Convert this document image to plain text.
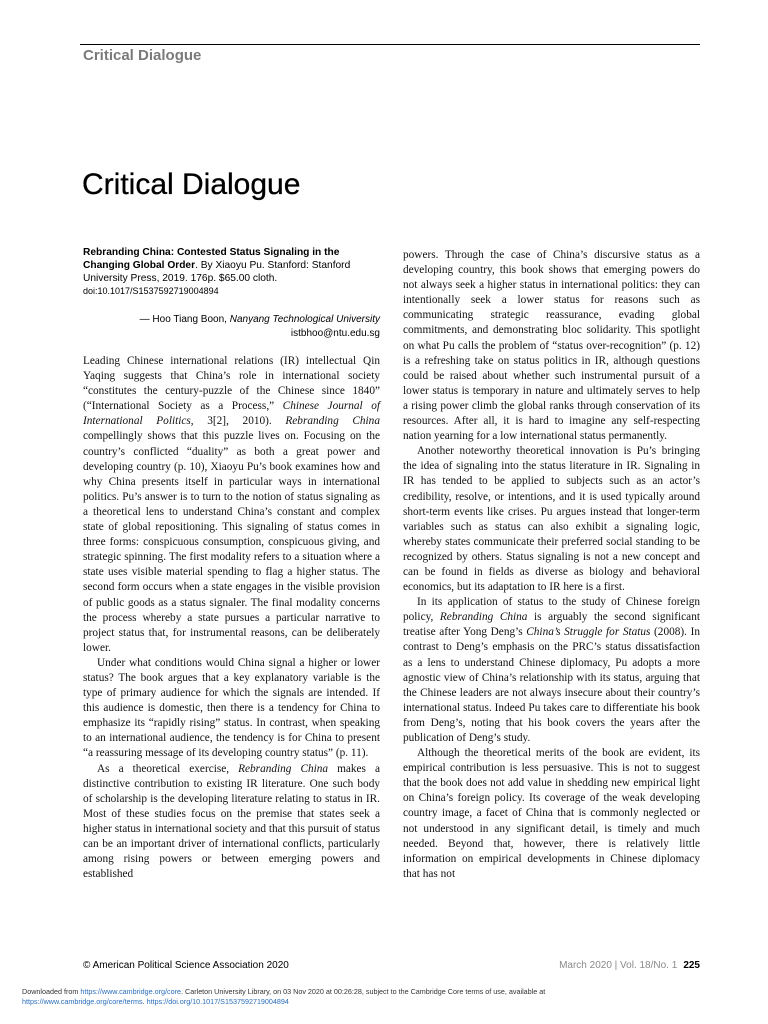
Critical Dialogue
Critical Dialogue
Rebranding China: Contested Status Signaling in the Changing Global Order. By Xiaoyu Pu. Stanford: Stanford University Press, 2019. 176p. $65.00 cloth.
doi:10.1017/S1537592719004894
— Hoo Tiang Boon, Nanyang Technological University
istbhoo@ntu.edu.sg

Leading Chinese international relations (IR) intellectual Qin Yaqing suggests that China’s role in international society “constitutes the century-puzzle of the Chinese since 1840” (“International Society as a Process,” Chinese Journal of International Politics, 3[2], 2010). Rebranding China compellingly shows that this puzzle lives on. Focusing on the country’s conflicted “duality” as both a great power and developing country (p. 10), Xiaoyu Pu’s book examines how and why China presents itself in particular ways in international politics. Pu’s answer is to turn to the notion of status signaling as a theoretical lens to understand China’s constant and complex state of global repositioning. This signaling of status comes in three forms: conspicuous consumption, conspicuous giving, and strategic spinning. The first modality refers to a situation where a state uses visible material spending to flag a higher status. The second form occurs when a state engages in the visible provision of public goods as a status signaler. The final modality concerns the process whereby a state pursues a particular narrative to project status that, for instrumental reasons, can be deliberately lower.

Under what conditions would China signal a higher or lower status? The book argues that a key explanatory variable is the type of primary audience for which the signals are intended. If this audience is domestic, then there is a tendency for China to emphasize its “rapidly rising” status. In contrast, when speaking to an international audience, the tendency is for China to present “a reassuring message of its developing country status” (p. 11).

As a theoretical exercise, Rebranding China makes a distinctive contribution to existing IR literature. One such body of scholarship is the developing literature relating to status in IR. Most of these studies focus on the premise that states seek a higher status in international society and that this pursuit of status can be an important driver of international conflicts, particularly among rising powers or between emerging powers and established

powers. Through the case of China’s discursive status as a developing country, this book shows that emerging powers do not always seek a higher status in international politics: they can intentionally seek a lower status for reasons such as communicating strategic reassurance, evading global commitments, and demonstrating bloc solidarity. This spotlight on what Pu calls the problem of “status over-recognition” (p. 12) is a refreshing take on status politics in IR, although questions could be raised about whether such instrumental pursuit of a lower status is temporary in nature and ultimately serves to help a rising power climb the global ranks through conservation of its resources. After all, it is hard to imagine any self-respecting nation yearning for a low international status permanently.

Another noteworthy theoretical innovation is Pu’s bringing the idea of signaling into the status literature in IR. Signaling in IR has tended to be applied to subjects such as an actor’s credibility, resolve, or intentions, and it is used typically around short-term events like crises. Pu argues instead that longer-term variables such as status can also exhibit a signaling logic, whereby states communicate their preferred social standing to be recognized by others. Status signaling is not a new concept and can be found in fields as diverse as biology and behavioral economics, but its adaptation to IR here is a first.

In its application of status to the study of Chinese foreign policy, Rebranding China is arguably the second significant treatise after Yong Deng’s China’s Struggle for Status (2008). In contrast to Deng’s emphasis on the PRC’s status dissatisfaction as a lens to understand Chinese diplomacy, Pu adopts a more agnostic view of China’s relationship with its status, arguing that the Chinese leaders are not always insecure about their country’s international status. Indeed Pu takes care to differentiate his book from Deng’s, noting that his book covers the years after the publication of Deng’s study.

Although the theoretical merits of the book are evident, its empirical contribution is less persuasive. This is not to suggest that the book does not add value in shedding new empirical light on China’s foreign policy. Its coverage of the weak developing country image, a facet of China that is commonly neglected or not understood in any significant detail, is timely and much needed. Beyond that, however, there is relatively little information on empirical developments in Chinese diplomacy that has not

© American Political Science Association 2020	March 2020 | Vol. 18/No. 1 225
Downloaded from https://www.cambridge.org/core. Carleton University Library, on 03 Nov 2020 at 00:26:28, subject to the Cambridge Core terms of use, available at
https://www.cambridge.org/core/terms. https://doi.org/10.1017/S1537592719004894
